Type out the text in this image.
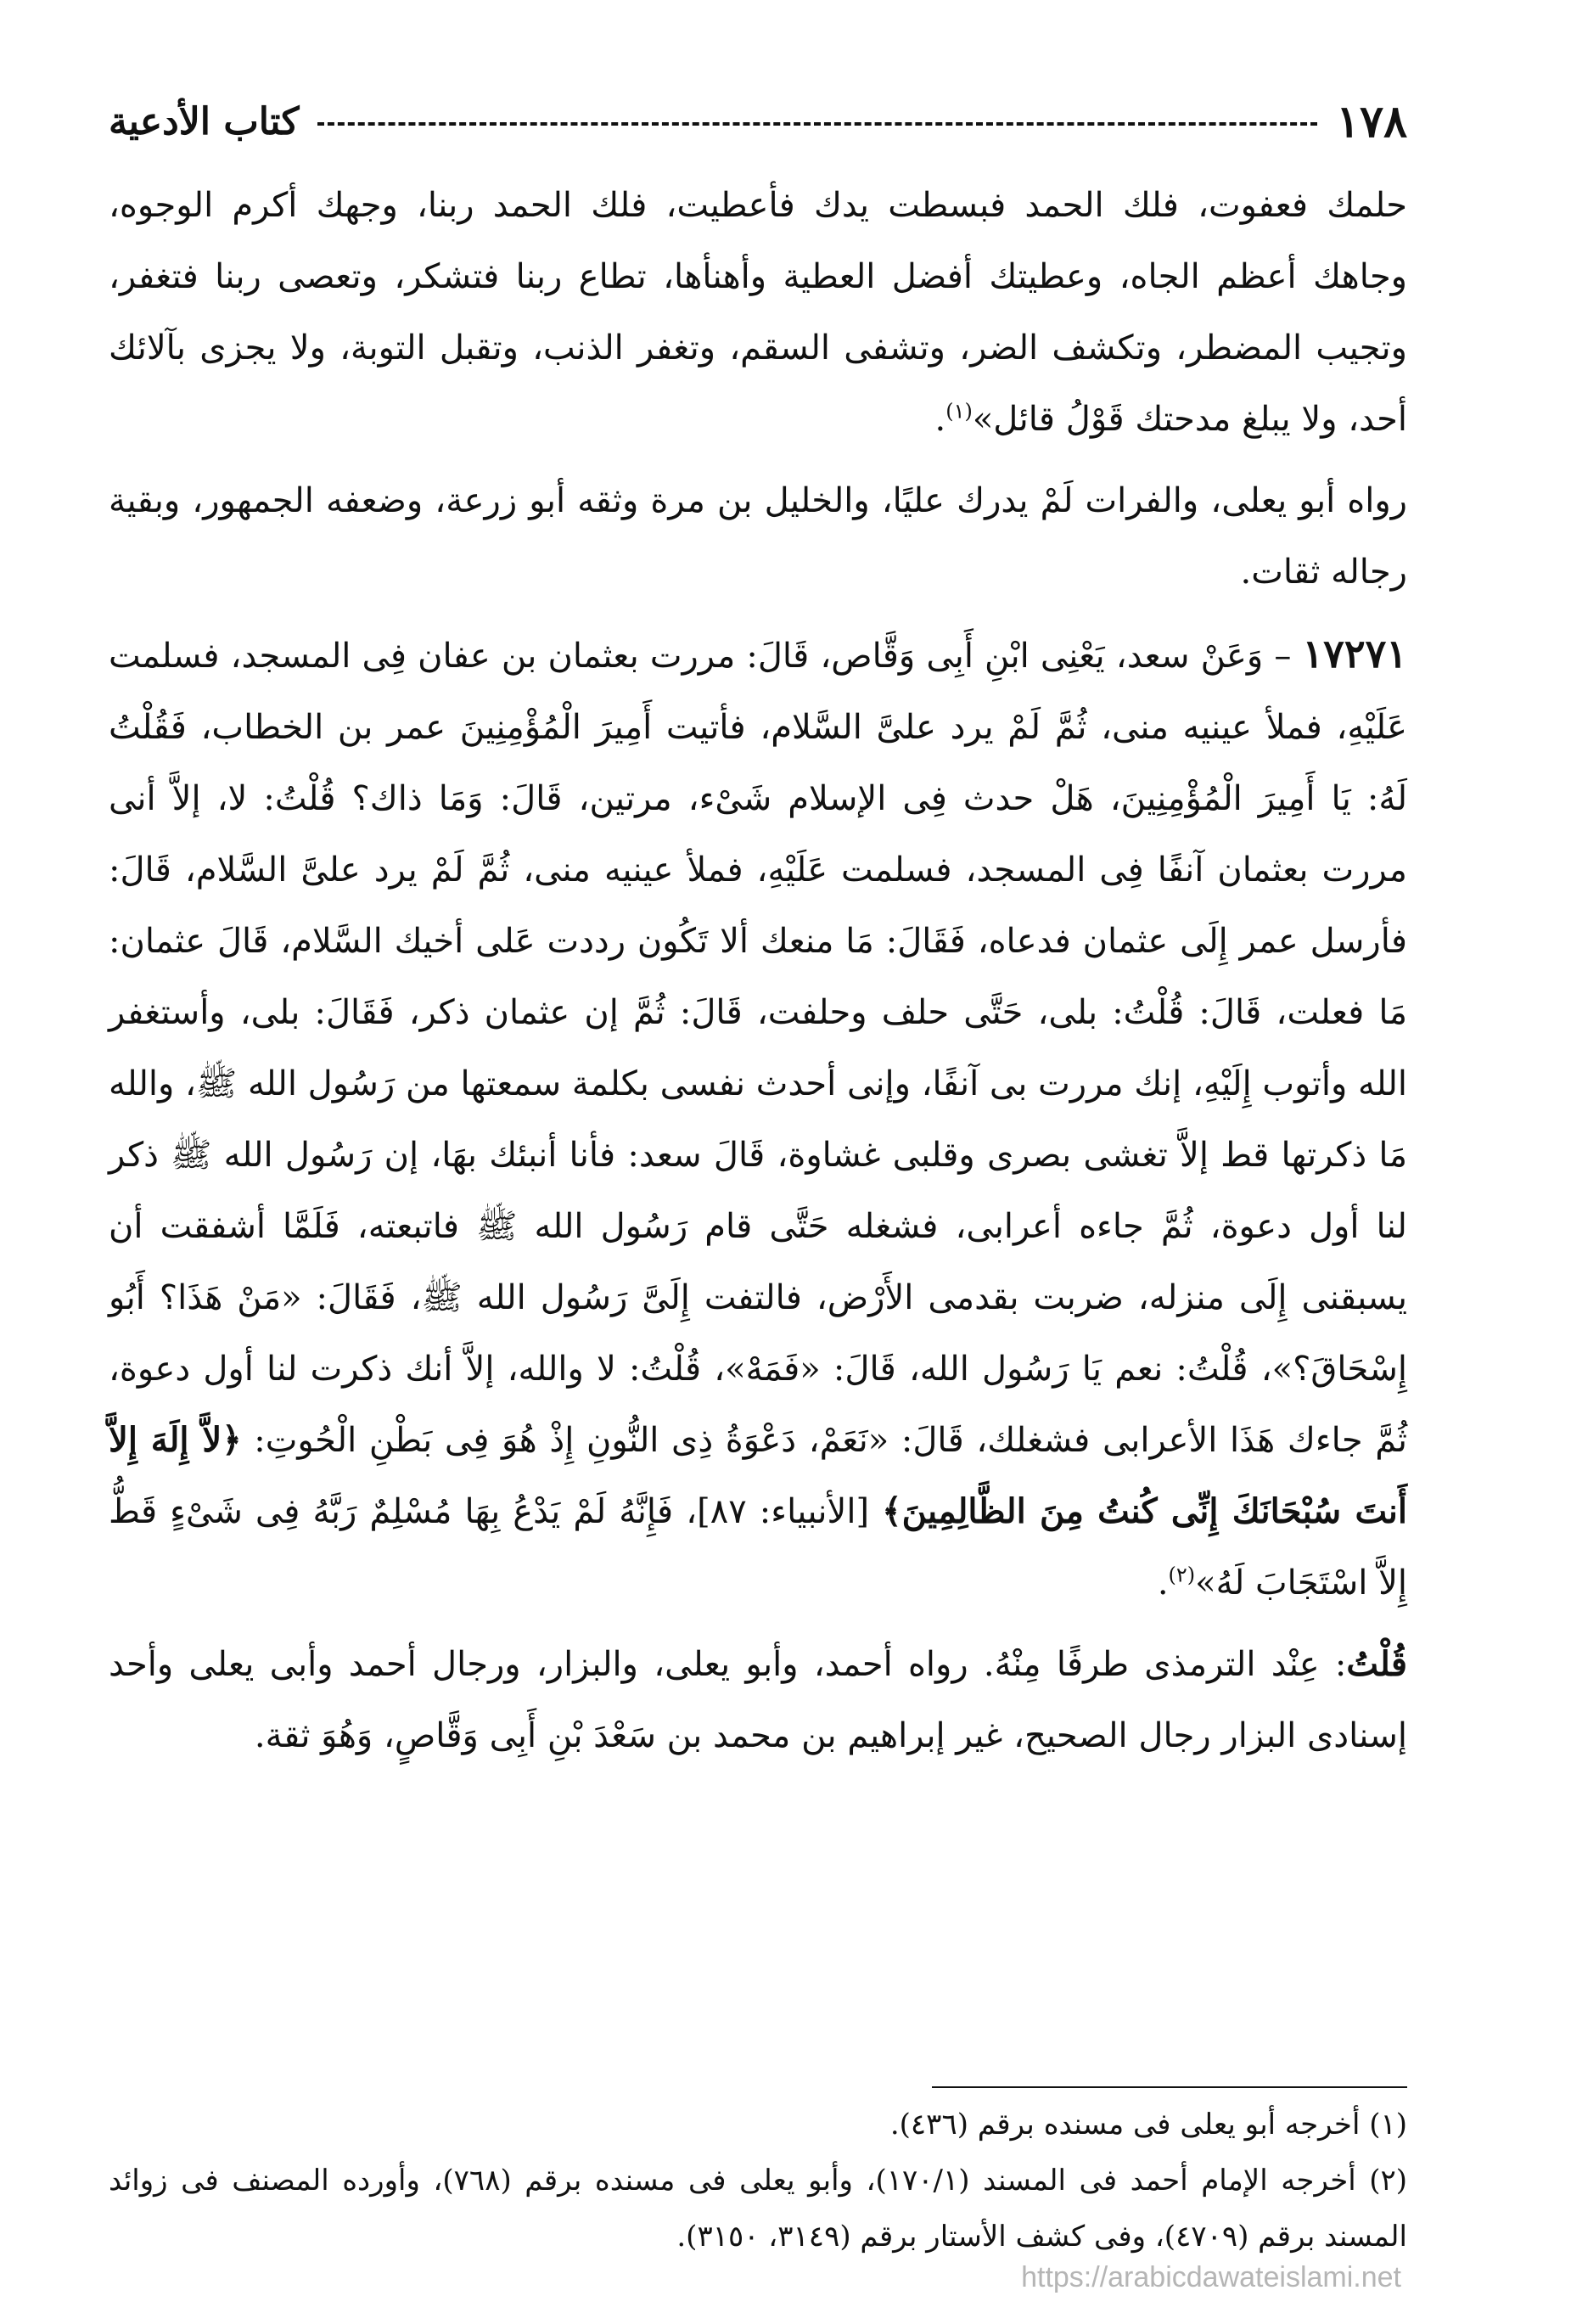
١٧٨
كتاب الأدعية

حلمك فعفوت، فلك الحمد فبسطت يدك فأعطيت، فلك الحمد ربنا، وجهك أكرم الوجوه، وجاهك أعظم الجاه، وعطيتك أفضل العطية وأهنأها، تطاع ربنا فتشكر، وتعصى ربنا فتغفر، وتجيب المضطر، وتكشف الضر، وتشفى السقم، وتغفر الذنب، وتقبل التوبة، ولا يجزى بآلائك أحد، ولا يبلغ مدحتك قَوْلُ قائل»$^{(١)}$.

رواه أبو يعلى، والفرات لَمْ يدرك عليًا، والخليل بن مرة وثقه أبو زرعة، وضعفه الجمهور، وبقية رجاله ثقات.

١٧٢٧١ – وَعَنْ سعد، يَعْنِى ابْنِ أَبِى وَقَّاص، قَالَ: مررت بعثمان بن عفان فِى المسجد، فسلمت عَلَيْهِ، فملأ عينيه منى، ثُمَّ لَمْ يرد علىَّ السَّلام، فأتيت أَمِيرَ الْمُؤْمِنِينَ عمر بن الخطاب، فَقُلْتُ لَهُ: يَا أَمِيرَ الْمُؤْمِنِينَ، هَلْ حدث فِى الإسلام شَىْء، مرتين، قَالَ: وَمَا ذاك؟ قُلْتُ: لا، إلاَّ أنى مررت بعثمان آنفًا فِى المسجد، فسلمت عَلَيْهِ، فملأ عينيه منى، ثُمَّ لَمْ يرد علىَّ السَّلام، قَالَ: فأرسل عمر إِلَى عثمان فدعاه، فَقَالَ: مَا منعك ألا تَكُون رددت عَلى أخيك السَّلام، قَالَ عثمان: مَا فعلت، قَالَ: قُلْتُ: بلى، حَتَّى حلف وحلفت، قَالَ: ثُمَّ إن عثمان ذكر، فَقَالَ: بلى، وأستغفر الله وأتوب إِلَيْهِ، إنك مررت بى آنفًا، وإنى أحدث نفسى بكلمة سمعتها من رَسُول الله ﷺ، والله مَا ذكرتها قط إلاَّ تغشى بصرى وقلبى غشاوة، قَالَ سعد: فأنا أنبئك بهَا، إن رَسُول الله ﷺ ذكر لنا أول دعوة، ثُمَّ جاءه أعرابى، فشغله حَتَّى قام رَسُول الله ﷺ فاتبعته، فَلَمَّا أشفقت أن يسبقنى إِلَى منزله، ضربت بقدمى الأَرْض، فالتفت إِلَىَّ رَسُول الله ﷺ، فَقَالَ: «مَنْ هَذَا؟ أَبُو إِسْحَاقَ؟»، قُلْتُ: نعم يَا رَسُول الله، قَالَ: «فَمَهْ»، قُلْتُ: لا والله، إلاَّ أنك ذكرت لنا أول دعوة، ثُمَّ جاءك هَذَا الأعرابى فشغلك، قَالَ: «نَعَمْ، دَعْوَةُ ذِى النُّونِ إِذْ هُوَ فِى بَطْنِ الْحُوتِ: ﴿لاَّ إِلَهَ إِلاَّ أَنتَ سُبْحَانَكَ إِنِّى كُنتُ مِنَ الظَّالِمِينَ﴾ [الأنبياء: ٨٧]، فَإِنَّهُ لَمْ يَدْعُ بِهَا مُسْلِمٌ رَبَّهُ فِى شَىْءٍ قَطُّ إِلاَّ اسْتَجَابَ لَهُ»$^{(٢)}$.

قُلْتُ: عِنْد الترمذى طرفًا مِنْهُ. رواه أحمد، وأبو يعلى، والبزار، ورجال أحمد وأبى يعلى وأحد إسنادى البزار رجال الصحيح، غير إبراهيم بن محمد بن سَعْدَ بْنِ أَبِى وَقَّاصٍ، وَهُوَ ثقة.

(١) أخرجه أبو يعلى فى مسنده برقم (٤٣٦).

(٢) أخرجه الإمام أحمد فى المسند (١٧٠/١)، وأبو يعلى فى مسنده برقم (٧٦٨)، وأورده المصنف فى زوائد المسند برقم (٤٧٠٩)، وفى كشف الأستار برقم (٣١٤٩، ٣١٥٠).

https://arabicdawateislami.net
